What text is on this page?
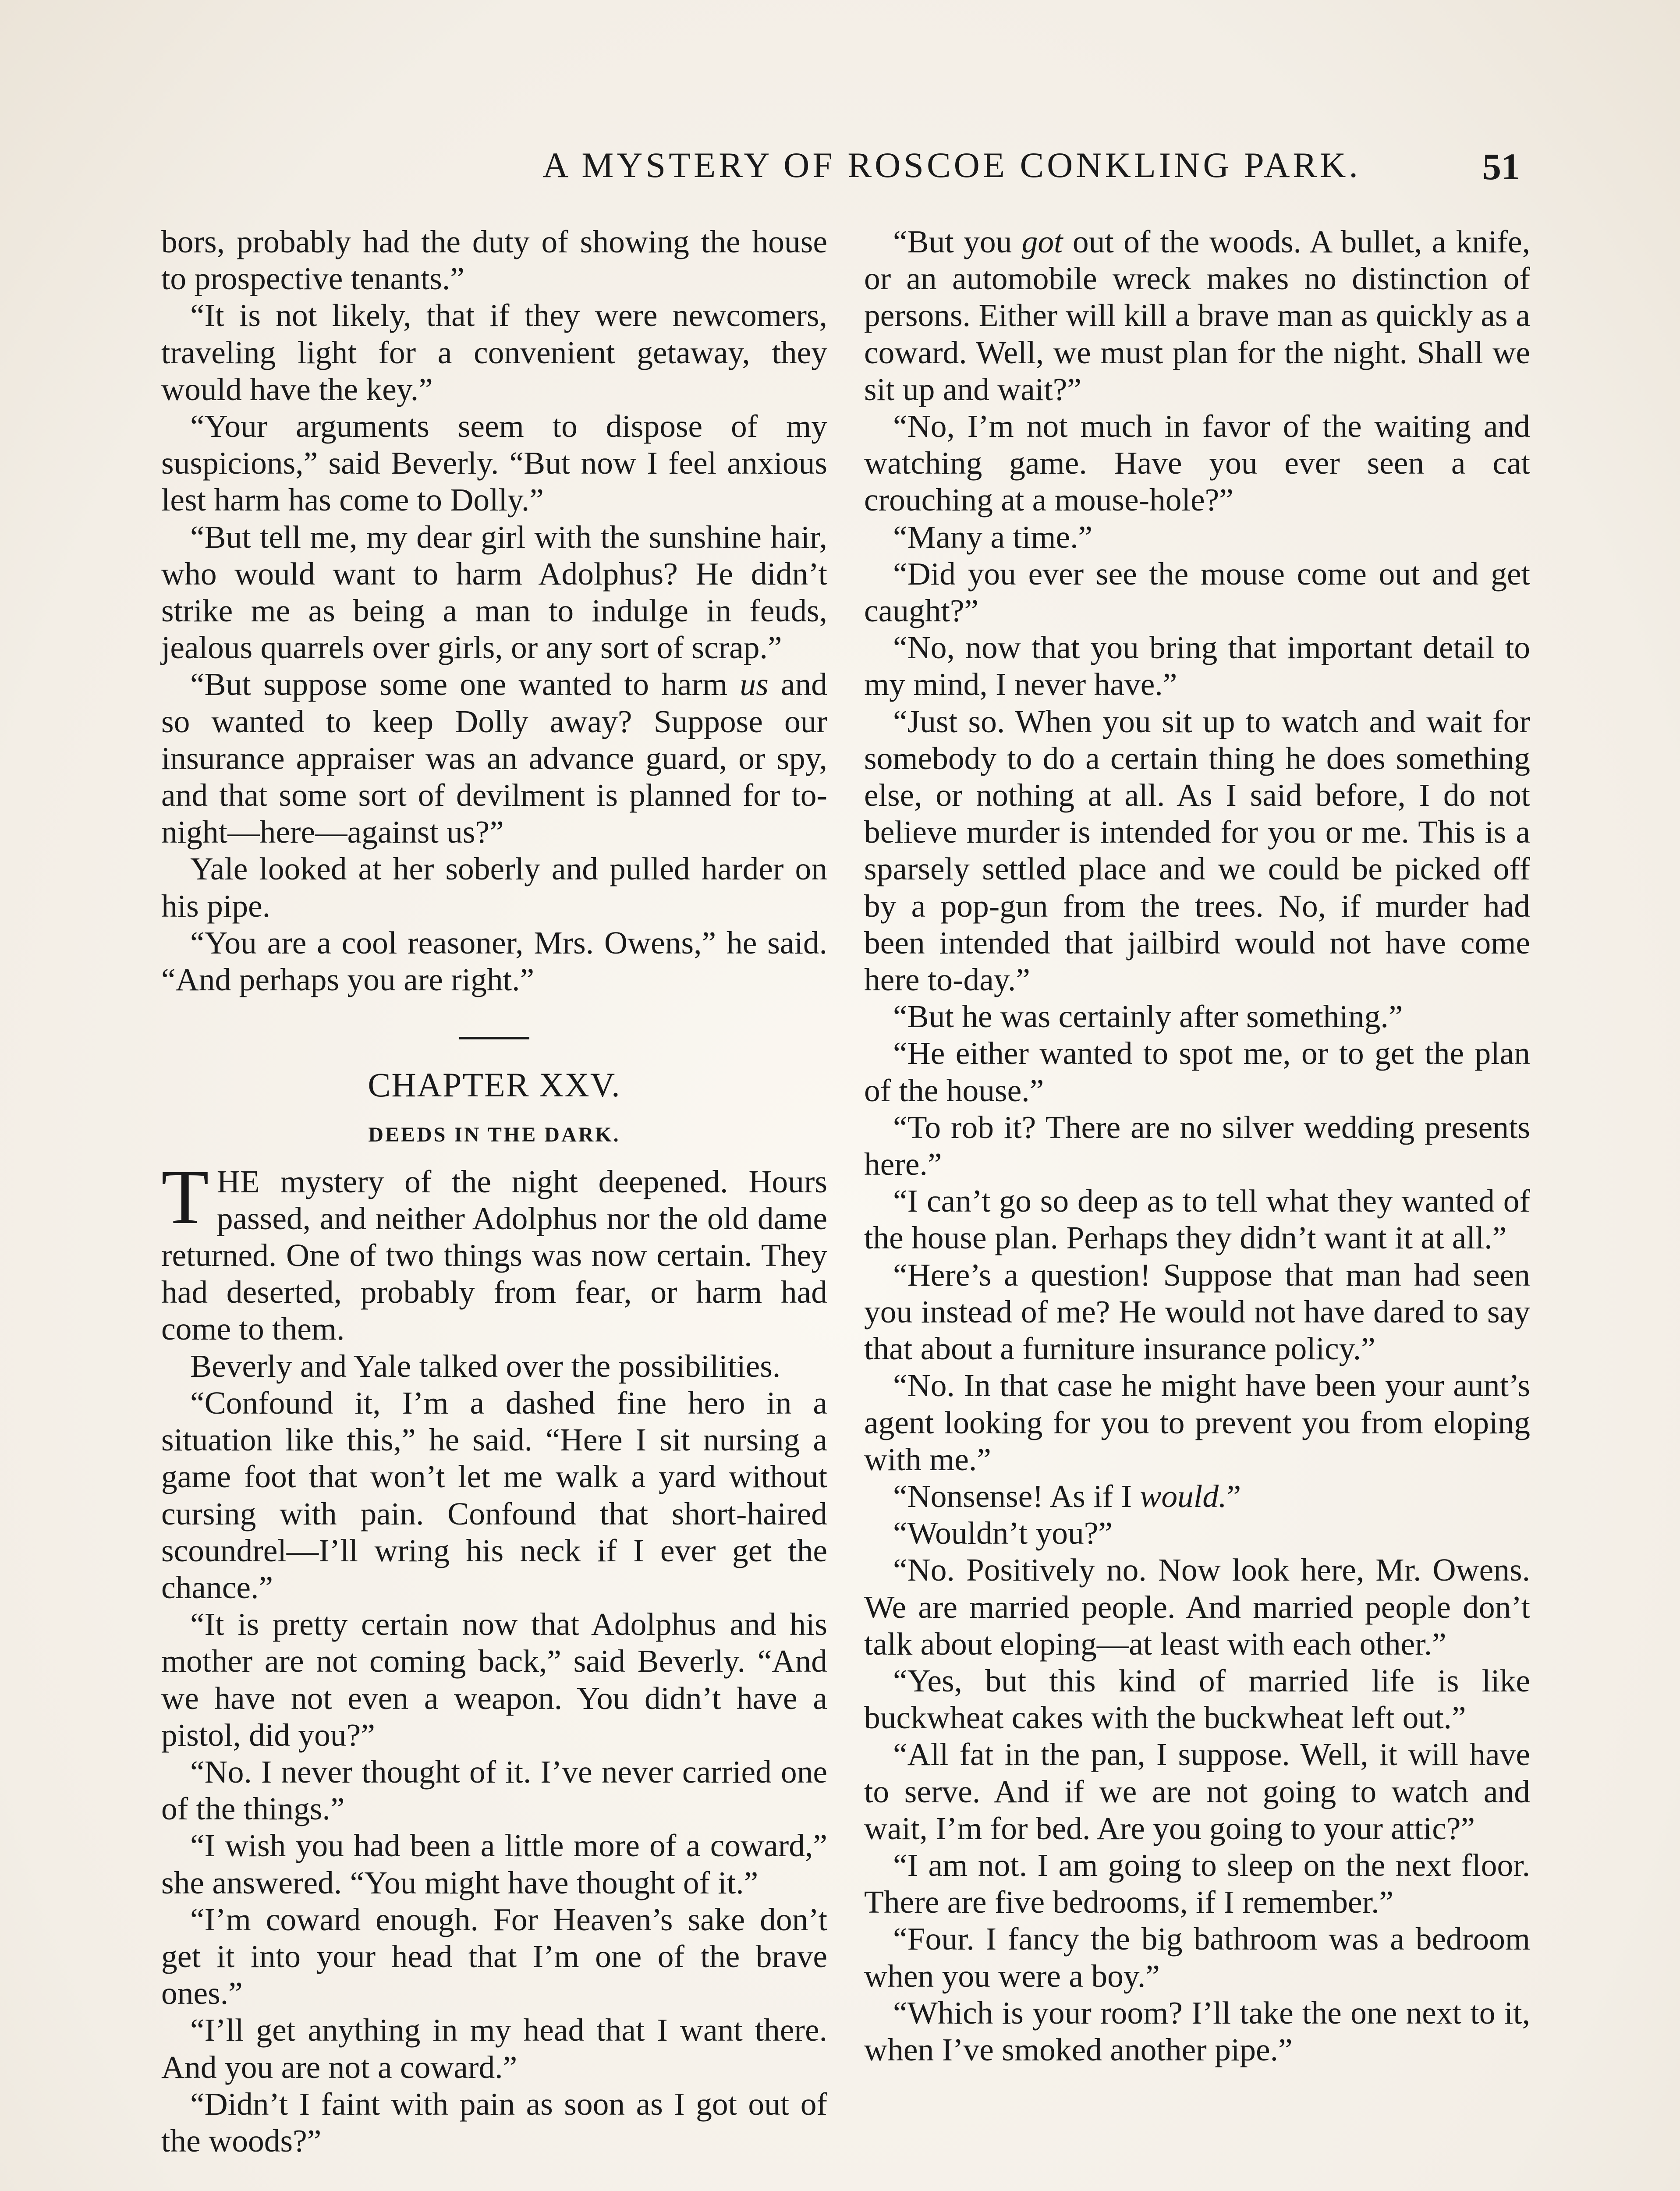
A MYSTERY OF ROSCOE CONKLING PARK.	51

bors, probably had the duty of showing the house to prospective tenants.”

“It is not likely, that if they were newcomers, traveling light for a convenient getaway, they would have the key.”

“Your arguments seem to dispose of my suspicions,” said Beverly. “But now I feel anxious lest harm has come to Dolly.”

“But tell me, my dear girl with the sunshine hair, who would want to harm Adolphus? He didn’t strike me as being a man to indulge in feuds, jealous quarrels over girls, or any sort of scrap.”

“But suppose some one wanted to harm us and so wanted to keep Dolly away? Suppose our insurance appraiser was an advance guard, or spy, and that some sort of devilment is planned for to-night—here—against us?”

Yale looked at her soberly and pulled harder on his pipe.

“You are a cool reasoner, Mrs. Owens,” he said. “And perhaps you are right.”

CHAPTER XXV.
DEEDS IN THE DARK.

THE mystery of the night deepened. Hours passed, and neither Adolphus nor the old dame returned. One of two things was now certain. They had deserted, probably from fear, or harm had come to them.

Beverly and Yale talked over the possibilities.

“Confound it, I’m a dashed fine hero in a situation like this,” he said. “Here I sit nursing a game foot that won’t let me walk a yard without cursing with pain. Confound that short-haired scoundrel—I’ll wring his neck if I ever get the chance.”

“It is pretty certain now that Adolphus and his mother are not coming back,” said Beverly. “And we have not even a weapon. You didn’t have a pistol, did you?”

“No. I never thought of it. I’ve never carried one of the things.”

“I wish you had been a little more of a coward,” she answered. “You might have thought of it.”

“I’m coward enough. For Heaven’s sake don’t get it into your head that I’m one of the brave ones.”

“I’ll get anything in my head that I want there. And you are not a coward.”

“Didn’t I faint with pain as soon as I got out of the woods?”

“But you got out of the woods. A bullet, a knife, or an automobile wreck makes no distinction of persons. Either will kill a brave man as quickly as a coward. Well, we must plan for the night. Shall we sit up and wait?”

“No, I’m not much in favor of the waiting and watching game. Have you ever seen a cat crouching at a mouse-hole?”

“Many a time.”

“Did you ever see the mouse come out and get caught?”

“No, now that you bring that important detail to my mind, I never have.”

“Just so. When you sit up to watch and wait for somebody to do a certain thing he does something else, or nothing at all. As I said before, I do not believe murder is intended for you or me. This is a sparsely settled place and we could be picked off by a pop-gun from the trees. No, if murder had been intended that jailbird would not have come here to-day.”

“But he was certainly after something.”

“He either wanted to spot me, or to get the plan of the house.”

“To rob it? There are no silver wedding presents here.”

“I can’t go so deep as to tell what they wanted of the house plan. Perhaps they didn’t want it at all.”

“Here’s a question! Suppose that man had seen you instead of me? He would not have dared to say that about a furniture insurance policy.”

“No. In that case he might have been your aunt’s agent looking for you to prevent you from eloping with me.”

“Nonsense! As if I would.”

“Wouldn’t you?”

“No. Positively no. Now look here, Mr. Owens. We are married people. And married people don’t talk about eloping—at least with each other.”

“Yes, but this kind of married life is like buckwheat cakes with the buckwheat left out.”

“All fat in the pan, I suppose. Well, it will have to serve. And if we are not going to watch and wait, I’m for bed. Are you going to your attic?”

“I am not. I am going to sleep on the next floor. There are five bedrooms, if I remember.”

“Four. I fancy the big bathroom was a bedroom when you were a boy.”

“Which is your room? I’ll take the one next to it, when I’ve smoked another pipe.”
